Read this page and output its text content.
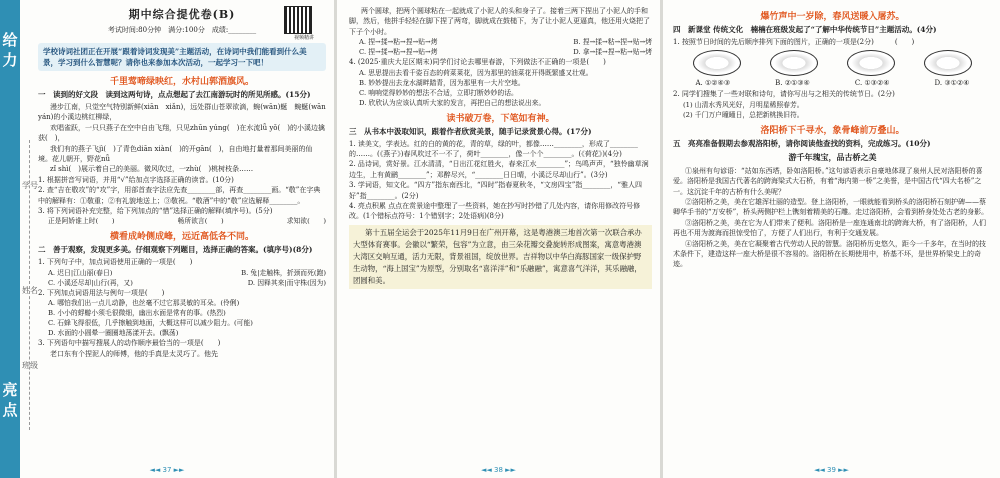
给力
亮点
学号
姓名
班级
视频精讲
期中综合提优卷(B)
考试时间:80分钟　满分:100分　成绩:________
学校诗词社团正在开展“跟着诗词发现美”主题活动，在诗词中我们能看到什么美景，学习到什么智慧呢？请你也来参加本次活动，一起学习一下吧！
千里莺啼绿映红，水村山郭酒旗风。
一　读到的好文段　读到这两句诗，点点想起了去江南游玩时的所见所感。(15分)
漫步江南，只觉空气特别新鲜(xiān　xiǎn)，远处群山苍翠欲滴，蜿(wān)蜒　蜿蜒(wān yán)的小溪边桃红柳绿，
欢唱雀跃，一只只燕子在空中自由飞翔，只见zhūn yúng(　)在水流lǚ yǒ(　)的小溪边擒获(　)，
我们有的燕子飞jì(　)了青色diān xiàn(　)的开gān(　)，自由地打量着那间美丽的仙境。花儿朝开，野花nǚ
zǐ shì(　)展示着自己的美丽。微风吹过，一zhù(　)桃树枝条……
1. 根据拼音写词语，并用“√”给加点字选择正确的读音。(10分)
2. 查“吉在敬攻”的“攻”字，用部首查字法应先查________部，再查________画。“敬”在字典中的解释有：①敬重；②有礼貌地送上；③敬祝。“敬酒”中的“敬”应选解释________。
3. 将下列词语补充完整，给下列加点的“惜”选择正确的解释(填序号)。(5分)
正是阿娇谁上时(　　)	畅所欲言(　　)	求知欲(　　)
横看成岭侧成峰，远近高低各不同。
二　善于观察，发现更多美。仔细观察下列题目，选择正确的答案。(填序号)(8分)
1. 下列句子中，加点词语使用正确的一项是(　　)
A. 迟日|江山丽(春日)	B. 兔|走触株，折颈而死(跑)
C. 小溪还尽却|山行(再，又)	D. 因释其来|而守株(因为)
2. 下列加点词语用法与例句一项是(　　)
A. 哪怕我们出一点儿动静，也丝毫不过它那灵敏的耳朵。(伶俐)
B. 小小的蜉蝣小须毛很微细，幽出水面是常有的事。(热烈)
C. 石蜂飞得很低，几乎擦触到地面，大概这样可以减少阻力。(可能)
D. 水面的小圆晕一圈圈地荡漾开去。(飘荡)
3. 下列语句中描写搜展人的动作顺序最恰当的一项是(　　)
老口东有个捏泥人的师傅，他的手真是太灵巧了。他先
◄◄ 37 ►►
两个圆球，把两个圆球粘在一起就成了小泥人的头和身子了。接着三两下捏出了小泥人的手和脚，然后，他拼手轻轻在脚下捏了两弯，脚就成在鼓槌下，为了让小泥人更逼真，他还用火烧把了下子个小时。
A. 捏→揉→粘→捏→贴→烤	B. 捏→揉→粘→捏→贴→烤
C. 捏→揉→粘→捏→贴→烤	D. 拿→揉→捏→粘→贴→烤
4. (2025·重庆大足区期末)同学们讨论去哪里春游，下列做法不正确的一项是(　　)
A. 思思提出去看千姿百态的荷菜莱花，因为那里的油菜花开得既繁盛又壮观。
B. 妙妙提出去龙水湖畔踏青，因为那里有一大片空地。
C. 响响觉得妙妙的想法不合适，立即打断妙妙的话。
D. 欣欣认为应该认真听大家的发言，再把自己的想法说出来。
读书破万卷，下笔如有神。
三　从书本中汲取知识，跟着作者欣赏美景，随手记录赏景心得。(17分)
1. 读美文，学表达。红的白的黄的花，青的草，绿的叶，都像……________，形成了________的……。(《燕子》)春风吹过不一不了，荷叶________，像一个个________。(《荷花》)(4分)
2. 品诗词，赏好景。江水清清，“日出江花红胜火，春来江水________”；鸟鸣声声，“独怜幽草涧边生，上有黄鹂________”；邓醉尽兴，“________日日晴，小溪泛尽却山行”。(3分)
3. 学词语，知文化。“四方”指东南西北，“四时”指春夏秋冬，“文房四宝”指________，“雅人四好”指________。(2分)
4. 亮点积累 点点在赏景途中整理了一些资料，她在抄写时抄错了几处内容，请你用修改符号修改。(1个错标点符号：1个错别字；2处语病)(8分)
第十五届全运会于2025年11月9日在广州开幕，这是粤港澳三地首次第一次联合承办大型体育赛事。会徽以“繁荣，包容”为立意，由三朵花瓣交叠旋转形成图案，寓意粤港澳大湾区交响互通，活力无限，背景祖国，绽放世界。吉祥物以中华白海豚国家一级保护野生动物，“海上国宝”为原型，分别取名“喜洋洋”和“乐融融”，寓意喜气洋洋，其乐融融，团圆和美。
◄◄ 38 ►►
爆竹声中一岁除，春风送暖入屠苏。
四　新课堂 传统文化　楠楠在班级发起了“了解中华传统节日”主题活动。(4分)
1. 按照节日时间的先后顺序排列下面的图片，正确的一项是(2分)　　　(　　)
A. ①②④③	B. ②①③④	C. ①③②④	D. ③①②④
2. 同学们搜集了一些对联和诗句，请你写出与之相关的传统节日。(2分)
(1) 山清水秀风光好，月明星稀照春芳。
(2) 千门万户曈曈日，总把新桃换旧符。
洛阳桥下千寻水，象骨峰前万叠山。
五　亮亮准备假期去参观洛阳桥，请你阅读他查找的资料，完成练习。(10分)
游千年瑰宝，品古桥之美
①泉州有句谚语：“站如东西塔，卧如洛阳桥。”这句谚语表示自豪地体现了泉州人民对洛阳桥的喜爱。洛阳桥是我国古代著名的跨海梁式大石桥，有着“海内第一桥”之美誉，是中国古代“四大名桥”之一。这沉淀千年的古桥有什么美呢？
②洛阳桥之美，美在它雄浑壮丽的造型。登上洛阳桥，一眼就能看到桥头的洛阳桥石刻护碑——蔡卿华手书的“万安桥”，桥头两侧护栏上镌刻着精美的石雕。走过洛阳桥，会看到桥身处处古老的身影。
③洛阳桥之美，美在它为人们带来了便利。洛阳桥是一座连通南北的跨海大桥，有了洛阳桥，人们再也不用为渡海而担惊受怕了，方便了人们出行，有利于交通发展。
④洛阳桥之美，美在它凝聚着古代劳动人民的智慧。洛阳桥历史悠久，距今一千多年，在当时的技术条件下，建造这样一座大桥是很不容易的。洛阳桥在长期使用中，桥基不坏，是世界桥梁史上的奇迹。
◄◄ 39 ►►
